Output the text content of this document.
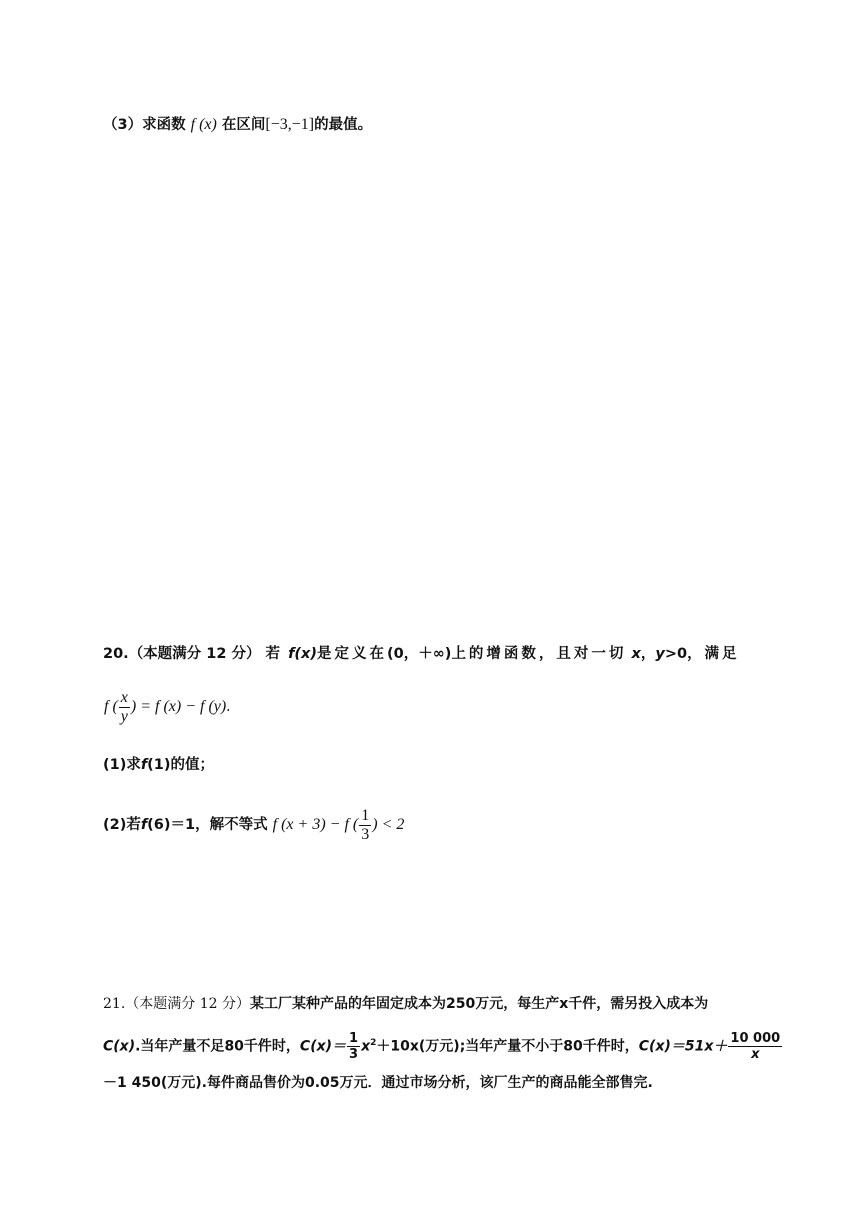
（3）求函数 f (x) 在区间[−3,−1]的最值。
20.（本题满分 12 分） 若 f(x)是定义在(0，＋∞)上的增函数，且对一切 x，y>0，满足
f ( $\frac{x}{y}$ ) = f (x) − f (y).
(1)求f(1)的值；
(2)若f(6)＝1，解不等式 f (x + 3) − f ( $\frac{1}{3}$ ) < 2
21.（本题满分 12 分）某工厂某种产品的年固定成本为250万元，每生产x千件，需另投入成本为
C(x).当年产量不足80千件时，$C(x)= \frac{1}{3} x^2+10x$(万元);当年产量不小于80千件时，$C(x)=51x+ \frac{10 000}{x}$
－1 450(万元).每件商品售价为0.05万元．通过市场分析，该厂生产的商品能全部售完.
